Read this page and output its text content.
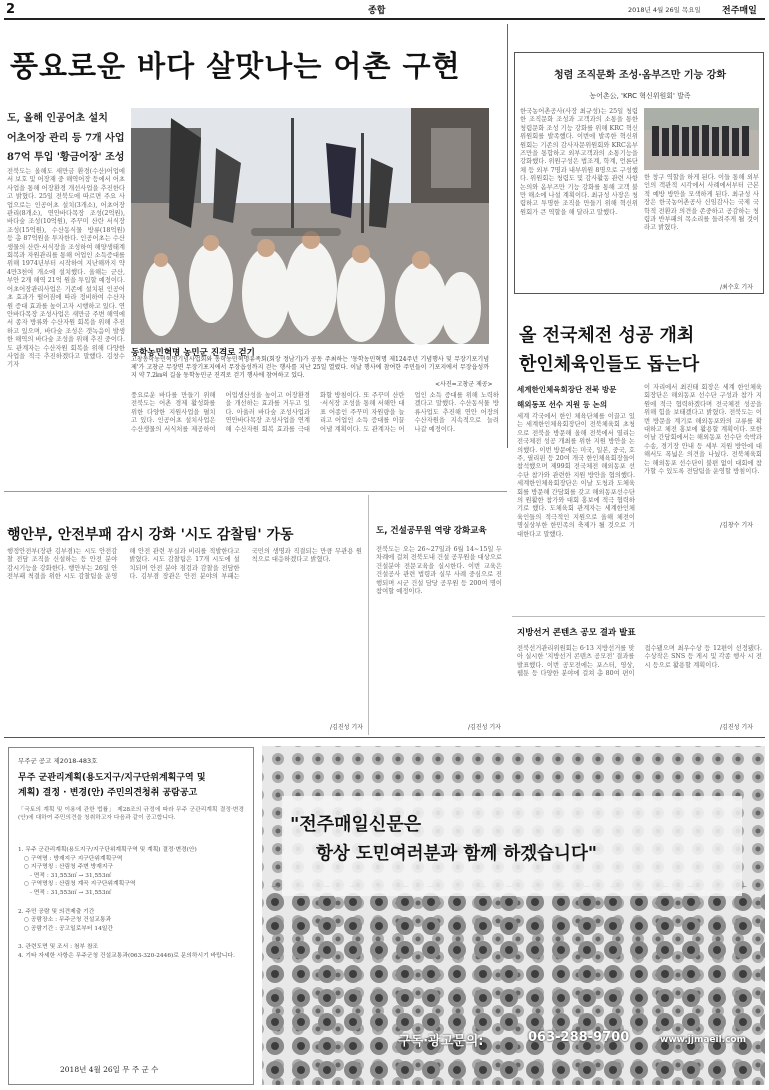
2	종합	2018년 4월 26일 목요일 전주매일
풍요로운 바다 살맛나는 어촌 구현
도, 올해 인공어초 설치
어초어장 관리 등 7개 사업
87억 투입 '황금어장' 조성
전북도는 올해도 새만금 환경(수산)어업에서 보호 및 어장재 중 해역어장 등에서 어초사업을 통해 어장환경 개선사업을 추진한다고 밝혔다. 25일 전북도에 따르면 주요 사업으로는 인공어초 설치(3개소), 어초어장 관리(8개소), 연안바다목장 조성(2억원), 바다숲 조성(10억원), 주꾸미 산란 서식장 조성(15억원), 수산동식물 방류(18억원) 등 총 87억원을 투자한다. 인공어초는 수산생물의 산란·서식장을 조성하여 해양생태계 회복과 자원관리를 통해 어업인 소득증대를 위해 1974년부터 시작하여 지난해까지 약 4만3천여 개소에 설치했다. 올해는 군산, 부안 2개 해역 21억 원을 투입할 예정이다. 어초어장관리사업은 기존에 설치된 인공어초 효과가 떨어짐에 따라 정비하여 수산자원 증대 효과를 높이고자 시행하고 있다. 연안바다목장 조성사업은 새만금 주변 해역에서 종자 방류와 수산자원 회복을 위해 추진하고 있으며, 바다숲 조성은 갯녹음이 발생한 해역의 바다숲 조성을 위해 추진 중이다. 도 관계자는 수산자원 회복을 위해 다양한 사업을 적극 추진하겠다고 말했다. 김창수 기자
동학농민혁명 농민군 진격로 걷기
고창동학농민혁명기념사업회와 동학농민혁명유족회(회장 정남기)가 공동 주최하는 '동학농민혁명 제124주년 기념행사 및 무장기포기념제'가 고창군 무장면 무장기포지에서 무장읍성까지 걷는 행사를 지난 25일 열렸다. 이날 행사에 참여한 주민들이 기포지에서 무장읍성까지 약 7.2㎞의 길을 동학농민군 진격로 걷기 행사에 참여하고 있다.
<사진=고창군 제공>
풍요로운 바다를 만들기 위해 전북도는 어촌 경제 활성화를 위한 다양한 지원사업을 펼치고 있다. 인공어초 설치사업은 수산생물의 서식처를 제공하여 어업생산성을 높이고 어장환경을 개선하는 효과를 거두고 있다. 아울러 바다숲 조성사업과 연안바다목장 조성사업을 연계해 수산자원 회복 효과를 극대화할 방침이다. 또 주꾸미 산란·서식장 조성을 통해 서해안 대표 어종인 주꾸미 자원량을 늘리고 어업인 소득 증대를 이끌어낼 계획이다. 도 관계자는 어업인 소득 증대를 위해 노력하겠다고 말했다. 수산동식물 방류사업도 추진해 연안 어장의 수산자원을 지속적으로 늘려 나갈 예정이다.
청렴 조직문화 조성·옴부즈만 기능 강화
농어촌公, 'KRC 혁신위원회' 발족
한국농어촌공사(사장 최규성)는 25일 청렴한 조직문화 조성과 고객과의 소통을 통한 청렴문화 조성 기능 강화를 위해 KRC 혁신위원회를 발족했다. 이번에 발족한 혁신위원회는 기존의 감사자문위원회와 KRC옴부즈만을 통합하고 외부고객과의 소통기능을 강화했다. 위원구성은 법조계, 학계, 언론단체 등 외부 7명과 내부위원 8명으로 구성했다. 위원회는 청렴도 및 감사활동 관련 사항 논의와 옴부즈만 기능 강화를 통해 고객 불만 해소에 나설 계획이다. 최규성 사장은 청렴하고 투명한 조직을 만들기 위해 혁신위원회가 큰 역할을 해 달라고 말했다.
한 창구 역할을 하게 된다. 이들 통해 외부인의 객관적 시각에서 사례에서부터 근본적 예방 방안을 모색하게 된다. 최규성 사장은 한국농어촌공사 신임감사는 국제 국학적 전환과 의견을 존중하고 공감하는 청렴과 반부패의 목소리를 들려주게 될 것이라고 밝혔다.
/최수호 기자
올 전국체전 성공 개최
한인체육인들도 돕는다
세계한인체육회장단 전북 방문
해외동포 선수 지원 등 논의
세계 각국에서 한인 체육단체를 이끌고 있는 세계한인체육회장단이 전북체육회 초청으로 전북을 방문해 올해 전북에서 열리는 전국체전 성공 개최를 위한 지원 방안을 논의했다. 이번 방문에는 미국, 일본, 중국, 호주, 필리핀 등 20여 개국 한인체육회장들이 참석했으며 제99회 전국체전 해외동포 선수단 참가와 관련한 지원 방안을 협의했다. 세계한인체육회장단은 이날 도청과 도체육회를 방문해 간담회를 갖고 해외동포선수단의 원활한 참가와 대회 홍보에 적극 협력하기로 했다. 도체육회 관계자는 세계한인체육인들의 적극적인 지원으로 올해 체전이 명실상부한 한민족의 축제가 될 것으로 기대한다고 말했다.
이 자리에서 최진태 회장은 세계 한인체육회장단은 해외동포 선수단 구성과 참가 지원에 적극 협력하겠다며 전국체전 성공을 위해 힘을 보태겠다고 밝혔다. 전북도는 이번 방문을 계기로 해외동포와의 교류를 확대하고 체전 홍보에 활용할 계획이다. 또한 이날 간담회에서는 해외동포 선수단 숙박과 수송, 경기장 안내 등 세부 지원 방안에 대해서도 폭넓은 의견을 나눴다. 전북체육회는 해외동포 선수단이 불편 없이 대회에 참가할 수 있도록 전담팀을 운영할 방침이다.
/김창수 기자
행안부, 안전부패 감시 강화 '시도 감찰팀' 가동
행정안전부(장관 김부겸)는 시도 안전감찰 전담 조직을 신설하는 등 안전 분야 감시기능을 강화한다. 행안부는 26일 안전부패 척결을 위한 시도 감찰팀을 운영해 안전 관련 부실과 비리를 적발한다고 밝혔다. 시도 감찰팀은 17개 시도에 설치되며 안전 분야 점검과 감찰을 전담한다. 김부겸 장관은 안전 분야의 부패는 국민의 생명과 직결되는 만큼 무관용 원칙으로 대응하겠다고 밝혔다.
/김진성 기자
도, 건설공무원 역량 강화교육
전북도는 오는 26~27일과 6월 14~15일 두 차례에 걸쳐 전북도내 건설 공무원을 대상으로 건설분야 전문교육을 실시한다. 이번 교육은 건설공사 관련 법령과 실무 사례 중심으로 진행되며 시군 건설 담당 공무원 등 200여 명이 참여할 예정이다.
/김진성 기자
지방선거 콘텐츠 공모 결과 발표
전북선거관리위원회는 6·13 지방선거를 맞아 실시한 '지방선거 콘텐츠 공모전' 결과를 발표했다. 이번 공모전에는 포스터, 영상, 웹툰 등 다양한 분야에 걸쳐 총 80여 편이 접수됐으며 최우수상 등 12편이 선정됐다. 수상작은 SNS 등 게시 및 각종 행사 시 전시 등으로 활용할 계획이다.
/김진성 기자
무주군 공고 제2018-483호
무주 군관리계획(용도지구/지구단위계획구역 및
계획) 결정 · 변경(안) 주민의견청취 공람공고
「국토의 계획 및 이용에 관한 법률」 제28조의 규정에 따라 무주 군관리계획 결정·변경(안)에 대하여 주민의견을 청취하고자 다음과 같이 공고합니다.
1. 무주 군관리계획(용도지구/지구단위계획구역 및 계획) 결정·변경(안)
○ 구역명 : 방재지구 지구단위계획구역
○ 지구명칭 : 산림청 주변 방재지구
- 면적 : 31,553㎡ → 31,553㎡
○ 구역명칭 : 산림청 계곡 지구단위계획구역
- 면적 : 31,553㎡ → 31,553㎡
2. 주민 공람 및 의견제출 기간
○ 공람장소 : 무주군청 건설교통과
○ 공람기간 : 공고일로부터 14일간
3. 관련도면 및 조서 : 첨부 참조
4. 기타 자세한 사항은 무주군청 건설교통과(063-320-2446)로 문의하시기 바랍니다.
2018년 4월 26일 무 주 군 수
"전주매일신문은
항상 도민여러분과 함께 하겠습니다"
구독·광고문의:	063-288-9700	www.jjmaeil.com
